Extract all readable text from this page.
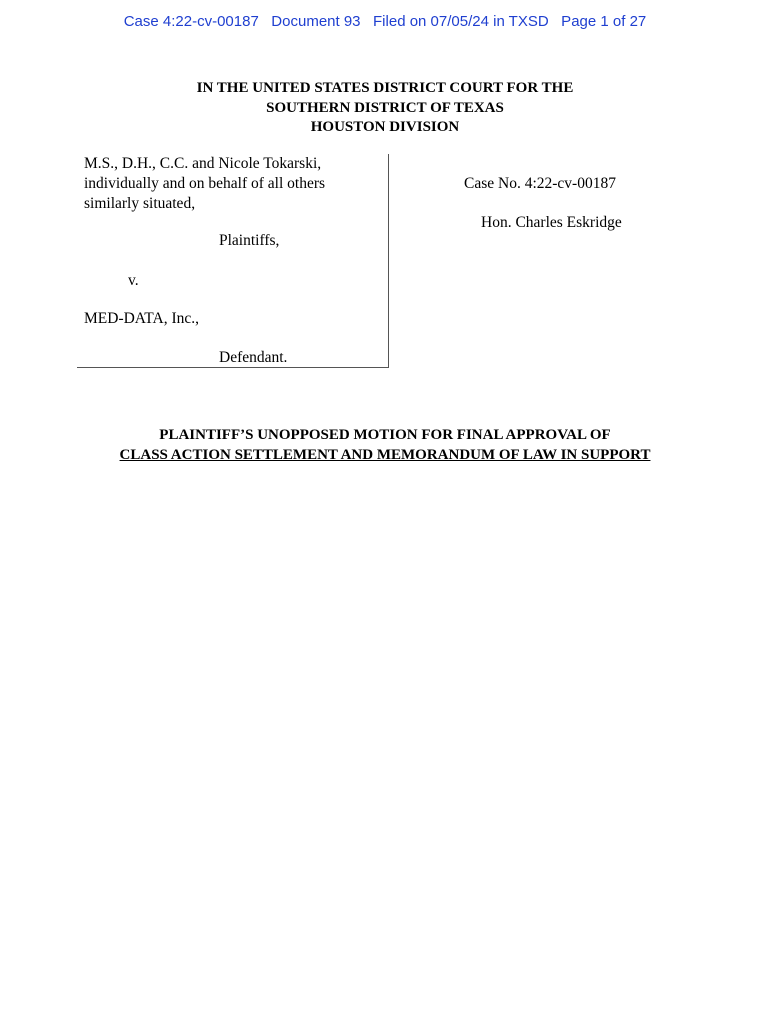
Case 4:22-cv-00187   Document 93   Filed on 07/05/24 in TXSD   Page 1 of 27
IN THE UNITED STATES DISTRICT COURT FOR THE
SOUTHERN DISTRICT OF TEXAS
HOUSTON DIVISION
M.S., D.H., C.C. and Nicole Tokarski,
individually and on behalf of all others
similarly situated,
Plaintiffs,
v.
MED-DATA, Inc.,
Defendant.
Case No. 4:22-cv-00187
Hon. Charles Eskridge
PLAINTIFF’S UNOPPOSED MOTION FOR FINAL APPROVAL OF
CLASS ACTION SETTLEMENT AND MEMORANDUM OF LAW IN SUPPORT
